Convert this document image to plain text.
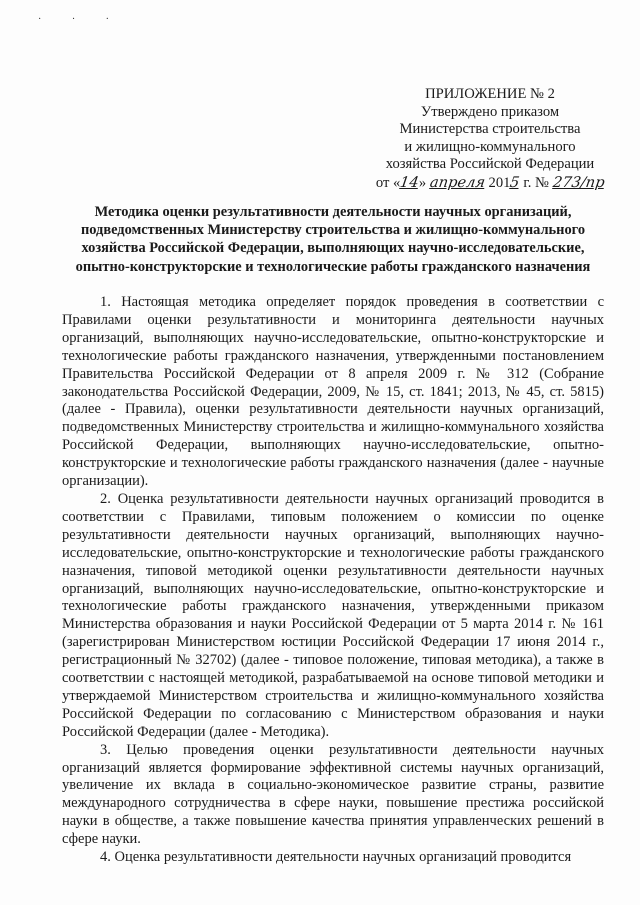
· · ·
ПРИЛОЖЕНИЕ № 2
Утверждено приказом
Министерства строительства
и жилищно-коммунального
хозяйства Российской Федерации
от «14» апреля 2015 г. № 273/пр
Методика оценки результативности деятельности научных организаций, подведомственных Министерству строительства и жилищно-коммунального хозяйства Российской Федерации, выполняющих научно-исследовательские, опытно-конструкторские и технологические работы гражданского назначения

1. Настоящая методика определяет порядок проведения в соответствии с Правилами оценки результативности и мониторинга деятельности научных организаций, выполняющих научно-исследовательские, опытно-конструкторские и технологические работы гражданского назначения, утвержденными постановлением Правительства Российской Федерации от 8 апреля 2009 г. № 312 (Собрание законодательства Российской Федерации, 2009, № 15, ст. 1841; 2013, № 45, ст. 5815) (далее - Правила), оценки результативности деятельности научных организаций, подведомственных Министерству строительства и жилищно-коммунального хозяйства Российской Федерации, выполняющих научно-исследовательские, опытно-конструкторские и технологические работы гражданского назначения (далее - научные организации).

2. Оценка результативности деятельности научных организаций проводится в соответствии с Правилами, типовым положением о комиссии по оценке результативности деятельности научных организаций, выполняющих научно-исследовательские, опытно-конструкторские и технологические работы гражданского назначения, типовой методикой оценки результативности деятельности научных организаций, выполняющих научно-исследовательские, опытно-конструкторские и технологические работы гражданского назначения, утвержденными приказом Министерства образования и науки Российской Федерации от 5 марта 2014 г. № 161 (зарегистрирован Министерством юстиции Российской Федерации 17 июня 2014 г., регистрационный № 32702) (далее - типовое положение, типовая методика), а также в соответствии с настоящей методикой, разрабатываемой на основе типовой методики и утверждаемой Министерством строительства и жилищно-коммунального хозяйства Российской Федерации по согласованию с Министерством образования и науки Российской Федерации (далее - Методика).

3. Целью проведения оценки результативности деятельности научных организаций является формирование эффективной системы научных организаций, увеличение их вклада в социально-экономическое развитие страны, развитие международного сотрудничества в сфере науки, повышение престижа российской науки в обществе, а также повышение качества принятия управленческих решений в сфере науки.

4. Оценка результативности деятельности научных организаций проводится
